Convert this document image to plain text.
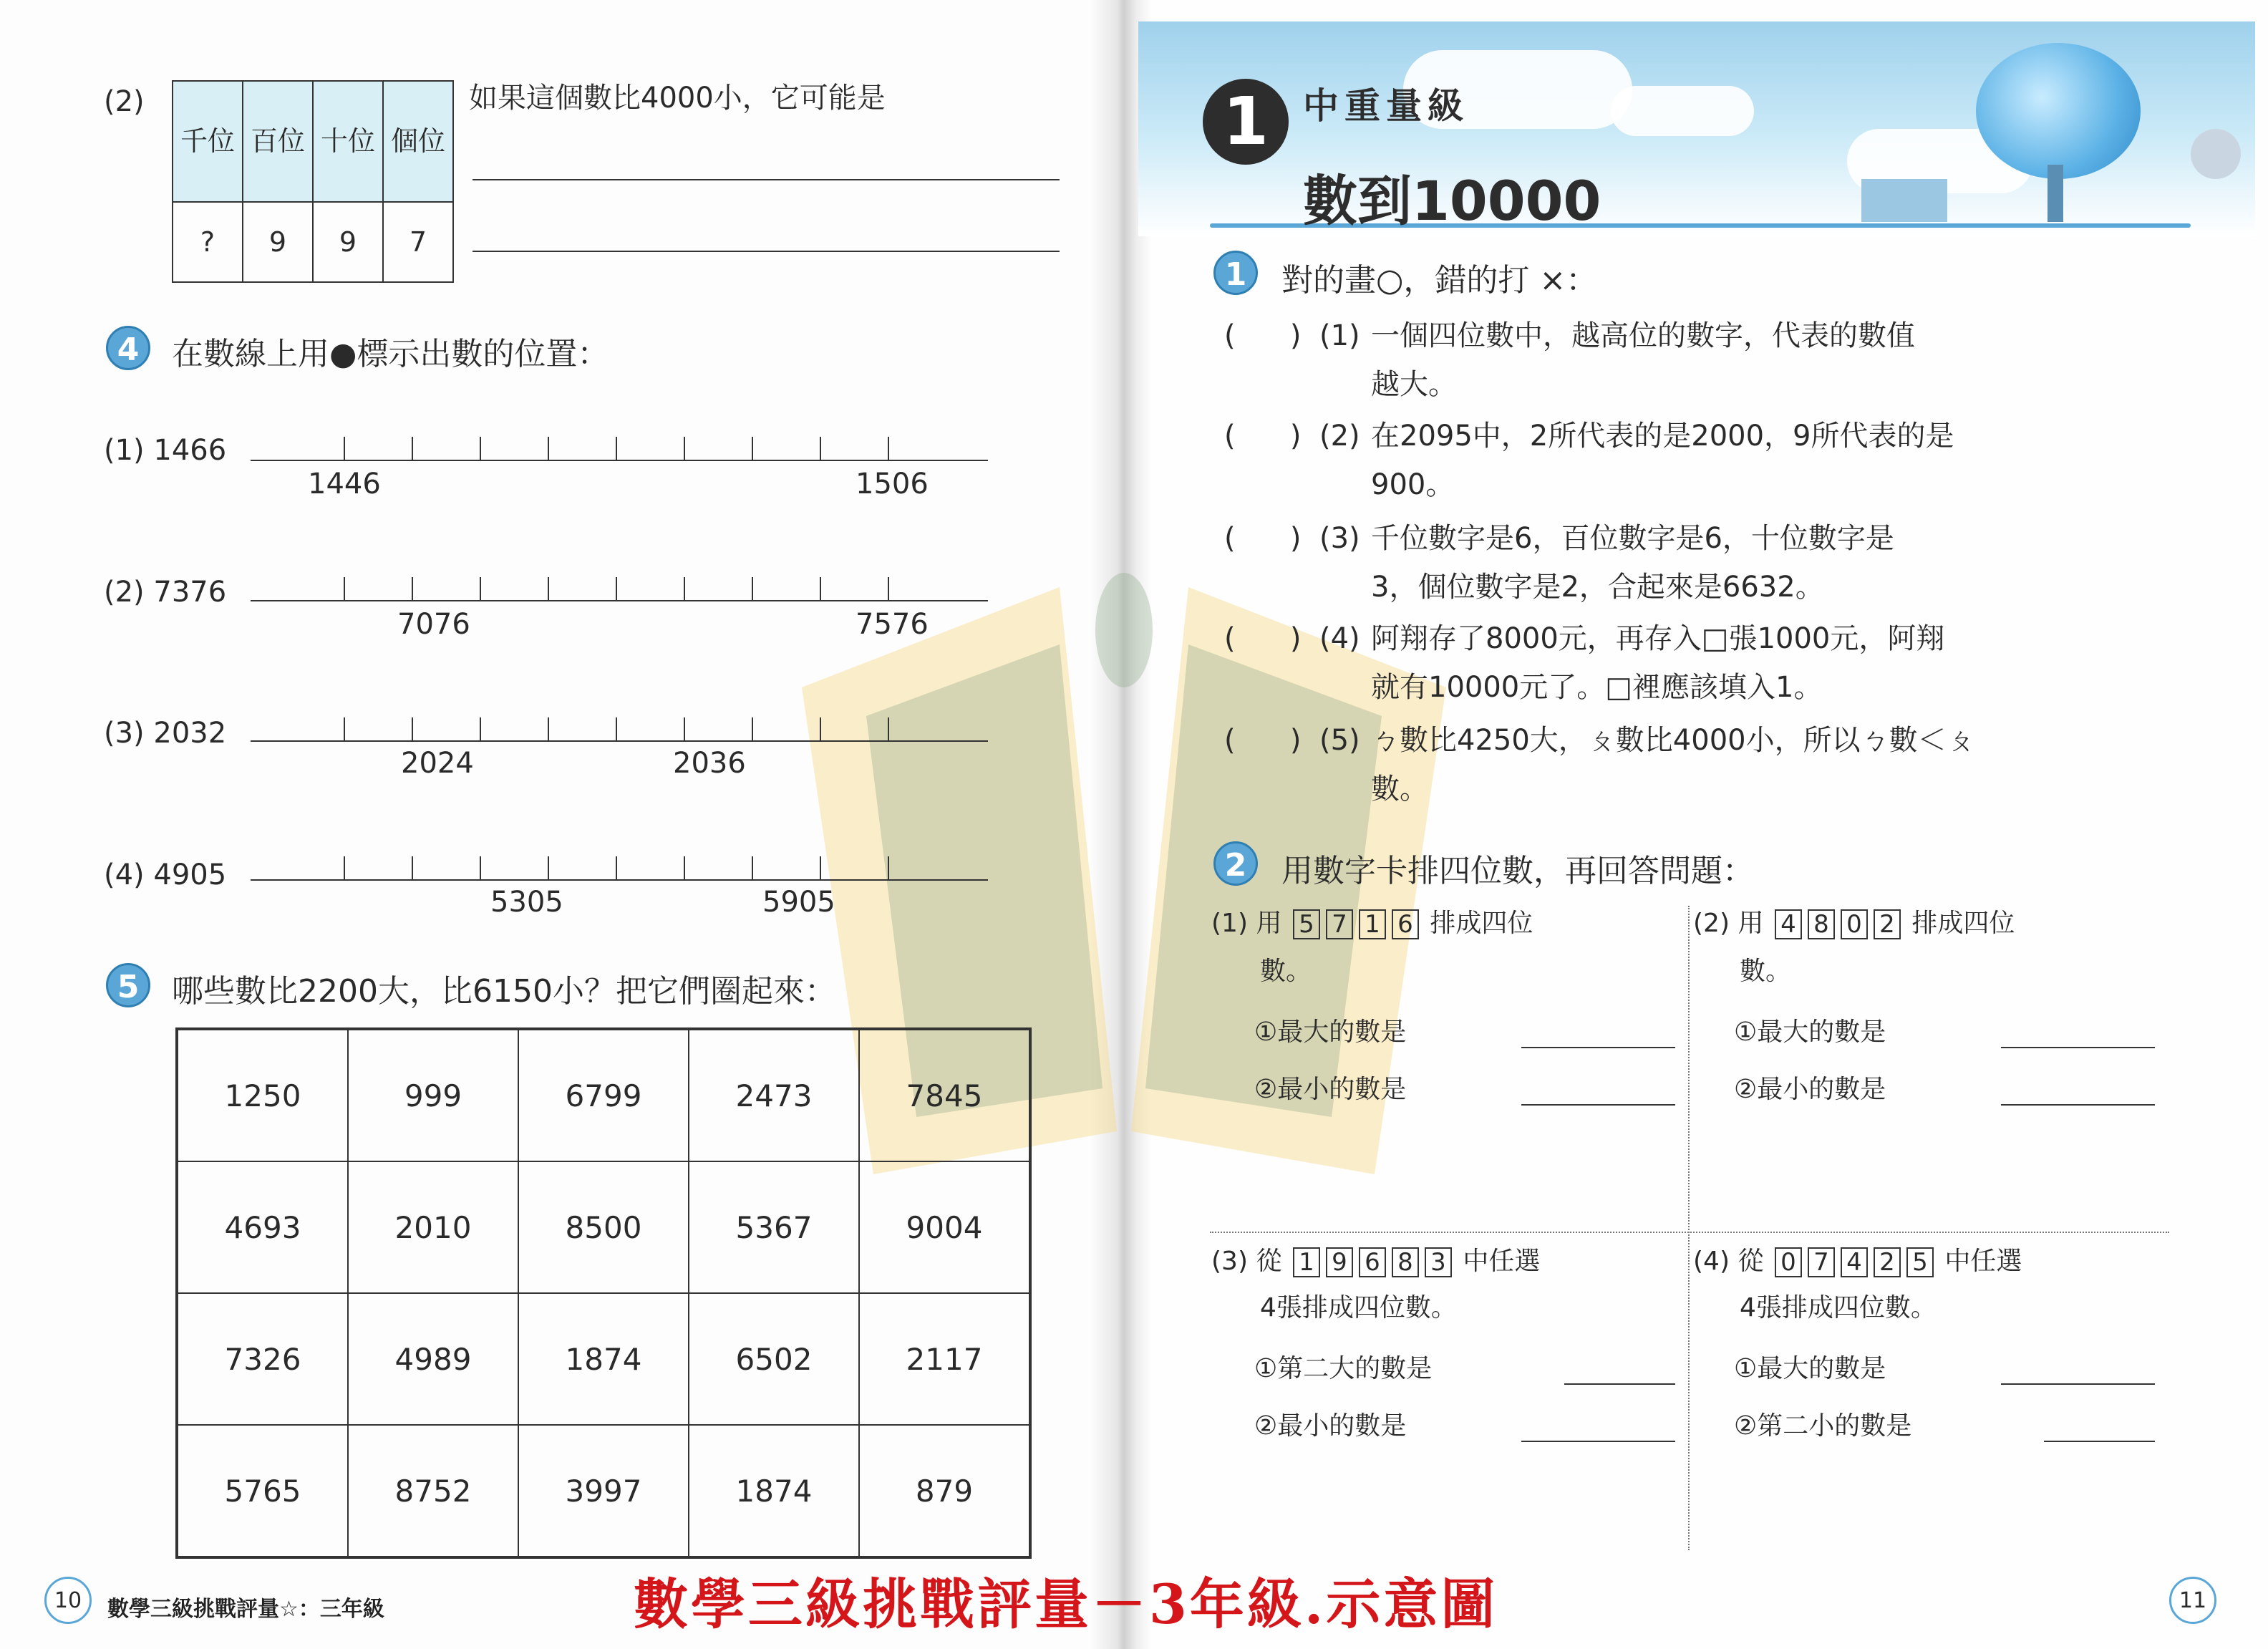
(2)
千位	百位	十位	個位
?	9	9	7
如果這個數比4000小，它可能是
4	在數線上用●標示出數的位置：
(1) 1466
1446	1506
(2) 7376
7076	7576
(3) 2032
2024	2036
(4) 4905
5305	5905
5	哪些數比2200大，比6150小？把它們圈起來：
1250	999	6799	2473	7845
4693	2010	8500	5367	9004
7326	4989	1874	6502	2117
5765	8752	3997	1874	879
10	數學三級挑戰評量☆：三年級
1 中重量級
數到10000
1	對的畫○，錯的打 ×：
(      ) (1) 一個四位數中，越高位的數字，代表的數值
越大。
(      ) (2) 在2095中，2所代表的是2000，9所代表的是
900。
(      ) (3) 千位數字是6，百位數字是6，十位數字是
3，個位數字是2，合起來是6632。
(      ) (4) 阿翔存了8000元，再存入□張1000元，阿翔
就有10000元了。□裡應該填入1。
(      ) (5) ㄅ數比4250大，ㄆ數比4000小，所以ㄅ數＜ㄆ
數。
2	用數字卡排四位數，再回答問題：
(1) 用 5 7 1 6 排成四位
數。
①最大的數是
②最小的數是
(2) 用 4 8 0 2 排成四位
數。
①最大的數是
②最小的數是
(3) 從 1 9 6 8 3 中任選
4張排成四位數。
①第二大的數是
②最小的數是
(4) 從 0 7 4 2 5 中任選
4張排成四位數。
①最大的數是
②第二小的數是
11
數學三級挑戰評量－3年級.示意圖
